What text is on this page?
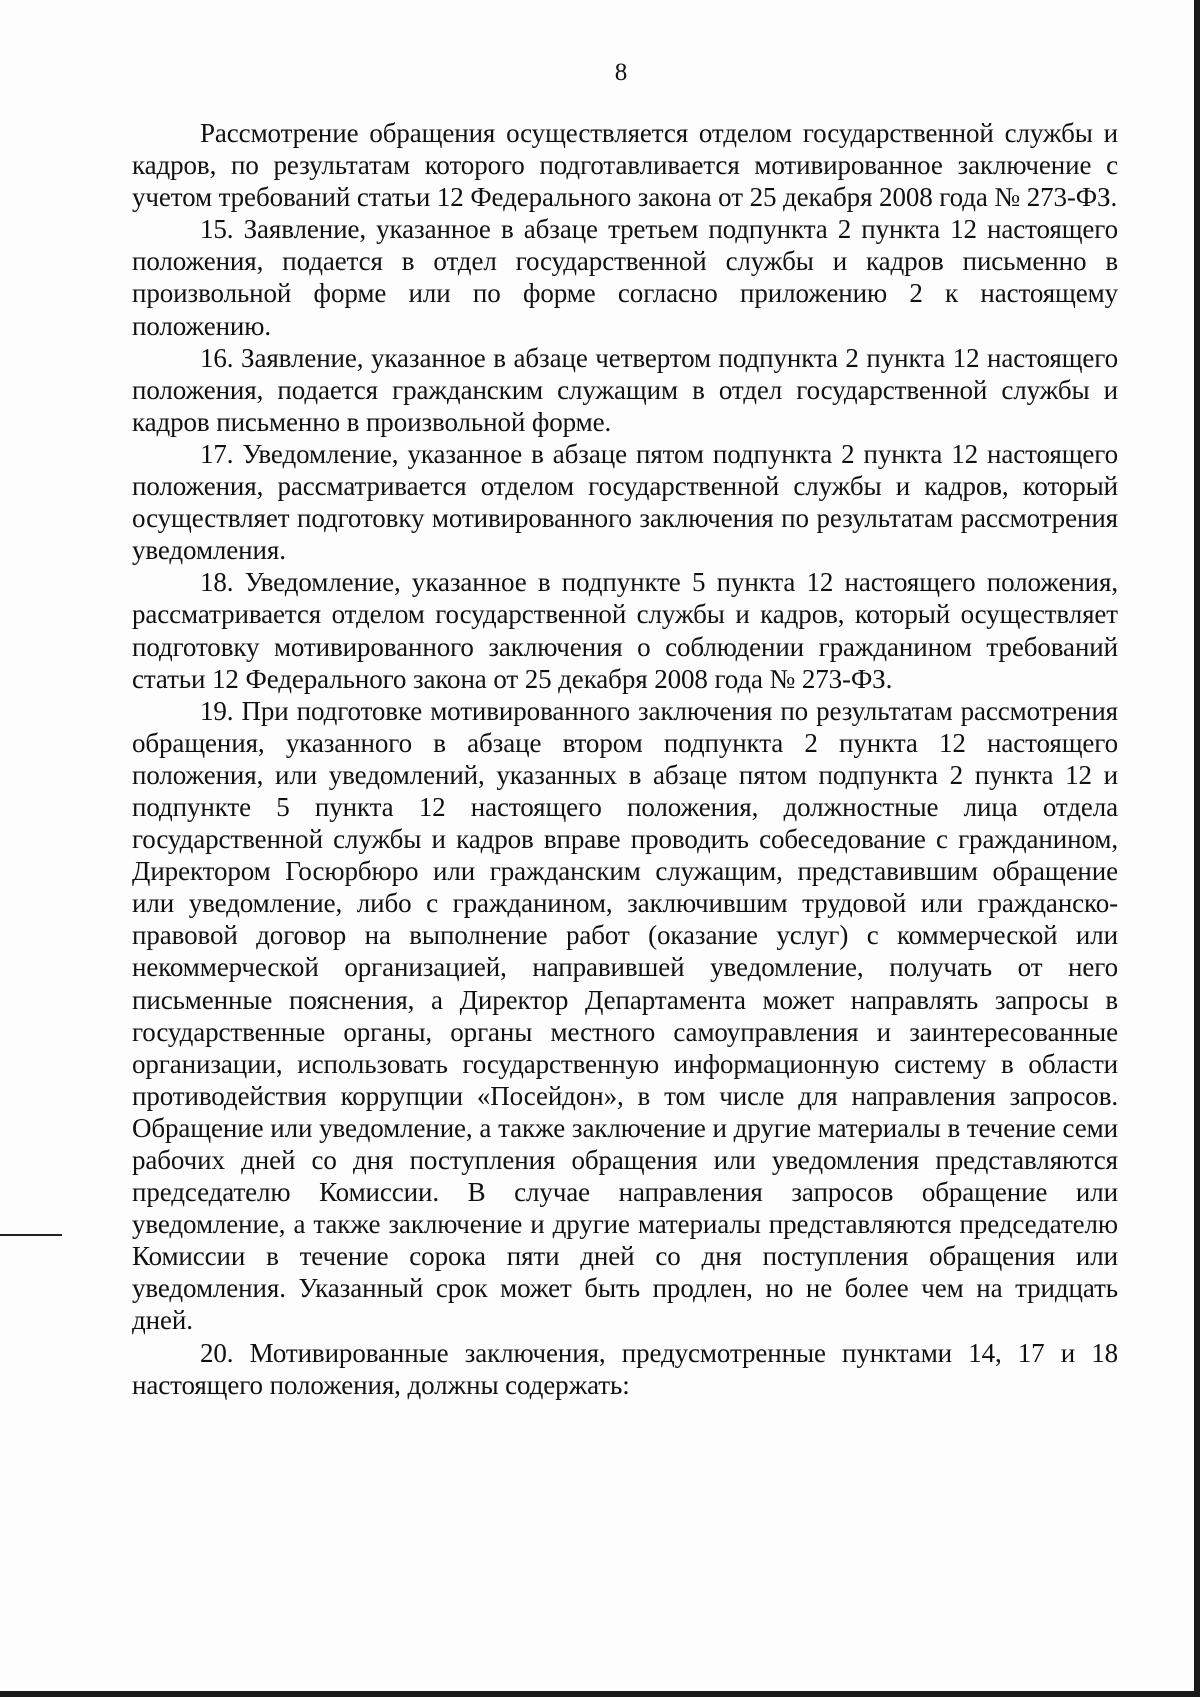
8

Рассмотрение обращения осуществляется отделом государственной службы и кадров, по результатам которого подготавливается мотивированное заключение с учетом требований статьи 12 Федерального закона от 25 декабря 2008 года № 273-ФЗ.

15. Заявление, указанное в абзаце третьем подпункта 2 пункта 12 настоящего положения, подается в отдел государственной службы и кадров письменно в произвольной форме или по форме согласно приложению 2 к настоящему положению.

16. Заявление, указанное в абзаце четвертом подпункта 2 пункта 12 настоящего положения, подается гражданским служащим в отдел государственной службы и кадров письменно в произвольной форме.

17. Уведомление, указанное в абзаце пятом подпункта 2 пункта 12 настоящего положения, рассматривается отделом государственной службы и кадров, который осуществляет подготовку мотивированного заключения по результатам рассмотрения уведомления.

18. Уведомление, указанное в подпункте 5 пункта 12 настоящего положения, рассматривается отделом государственной службы и кадров, который осуществляет подготовку мотивированного заключения о соблюдении гражданином требований статьи 12 Федерального закона от 25 декабря 2008 года № 273-ФЗ.

19. При подготовке мотивированного заключения по результатам рассмотрения обращения, указанного в абзаце втором подпункта 2 пункта 12 настоящего положения, или уведомлений, указанных в абзаце пятом подпункта 2 пункта 12 и подпункте 5 пункта 12 настоящего положения, должностные лица отдела государственной службы и кадров вправе проводить собеседование с гражданином, Директором Госюрбюро или гражданским служащим, представившим обращение или уведомление, либо с гражданином, заключившим трудовой или гражданско-правовой договор на выполнение работ (оказание услуг) с коммерческой или некоммерческой организацией, направившей уведомление, получать от него письменные пояснения, а Директор Департамента может направлять запросы в государственные органы, органы местного самоуправления и заинтересованные организации, использовать государственную информационную систему в области противодействия коррупции «Посейдон», в том числе для направления запросов. Обращение или уведомление, а также заключение и другие материалы в течение семи рабочих дней со дня поступления обращения или уведомления представляются председателю Комиссии. В случае направления запросов обращение или уведомление, а также заключение и другие материалы представляются председателю Комиссии в течение сорока пяти дней со дня поступления обращения или уведомления. Указанный срок может быть продлен, но не более чем на тридцать дней.

20. Мотивированные заключения, предусмотренные пунктами 14, 17 и 18 настоящего положения, должны содержать:
